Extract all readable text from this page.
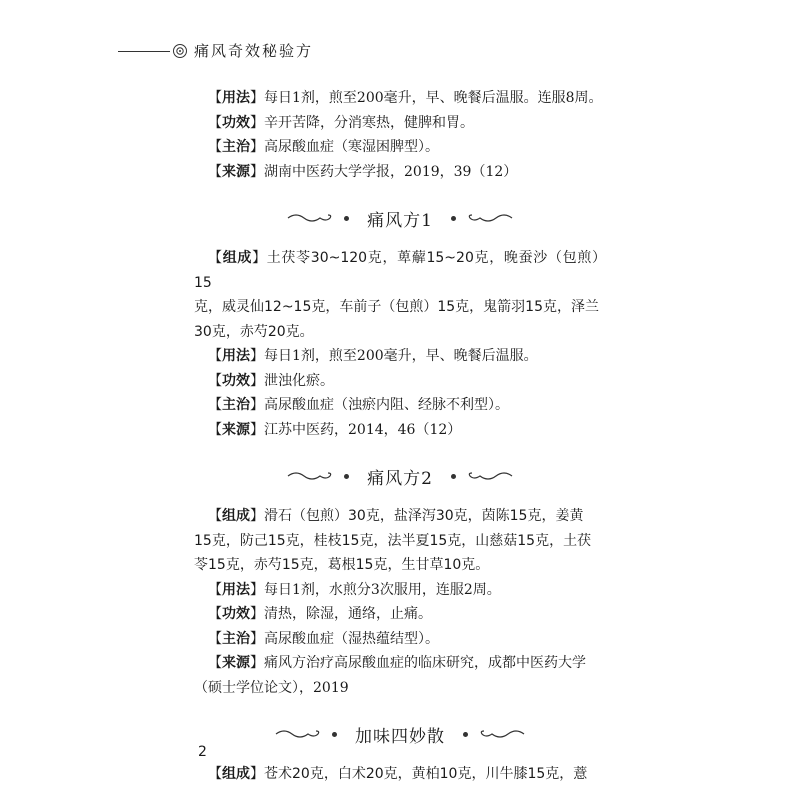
痛风奇效秘验方

【用法】每日1剂，煎至200毫升，早、晚餐后温服。连服8周。

【功效】辛开苦降，分消寒热，健脾和胃。

【主治】高尿酸血症（寒湿困脾型）。

【来源】湖南中医药大学学报，2019，39（12）

痛风方1

【组成】土茯苓30~120克，萆薢15~20克，晚蚕沙（包煎）15
克，威灵仙12~15克，车前子（包煎）15克，鬼箭羽15克，泽兰
30克，赤芍20克。

【用法】每日1剂，煎至200毫升，早、晚餐后温服。

【功效】泄浊化瘀。

【主治】高尿酸血症（浊瘀内阻、经脉不利型）。

【来源】江苏中医药，2014，46（12）

痛风方2

【组成】滑石（包煎）30克，盐泽泻30克，茵陈15克，姜黄
15克，防己15克，桂枝15克，法半夏15克，山慈菇15克，土茯
苓15克，赤芍15克，葛根15克，生甘草10克。

【用法】每日1剂，水煎分3次服用，连服2周。

【功效】清热，除湿，通络，止痛。

【主治】高尿酸血症（湿热蕴结型）。

【来源】痛风方治疗高尿酸血症的临床研究，成都中医药大学
（硕士学位论文），2019

加味四妙散

【组成】苍术20克，白术20克，黄柏10克，川牛膝15克，薏

2
